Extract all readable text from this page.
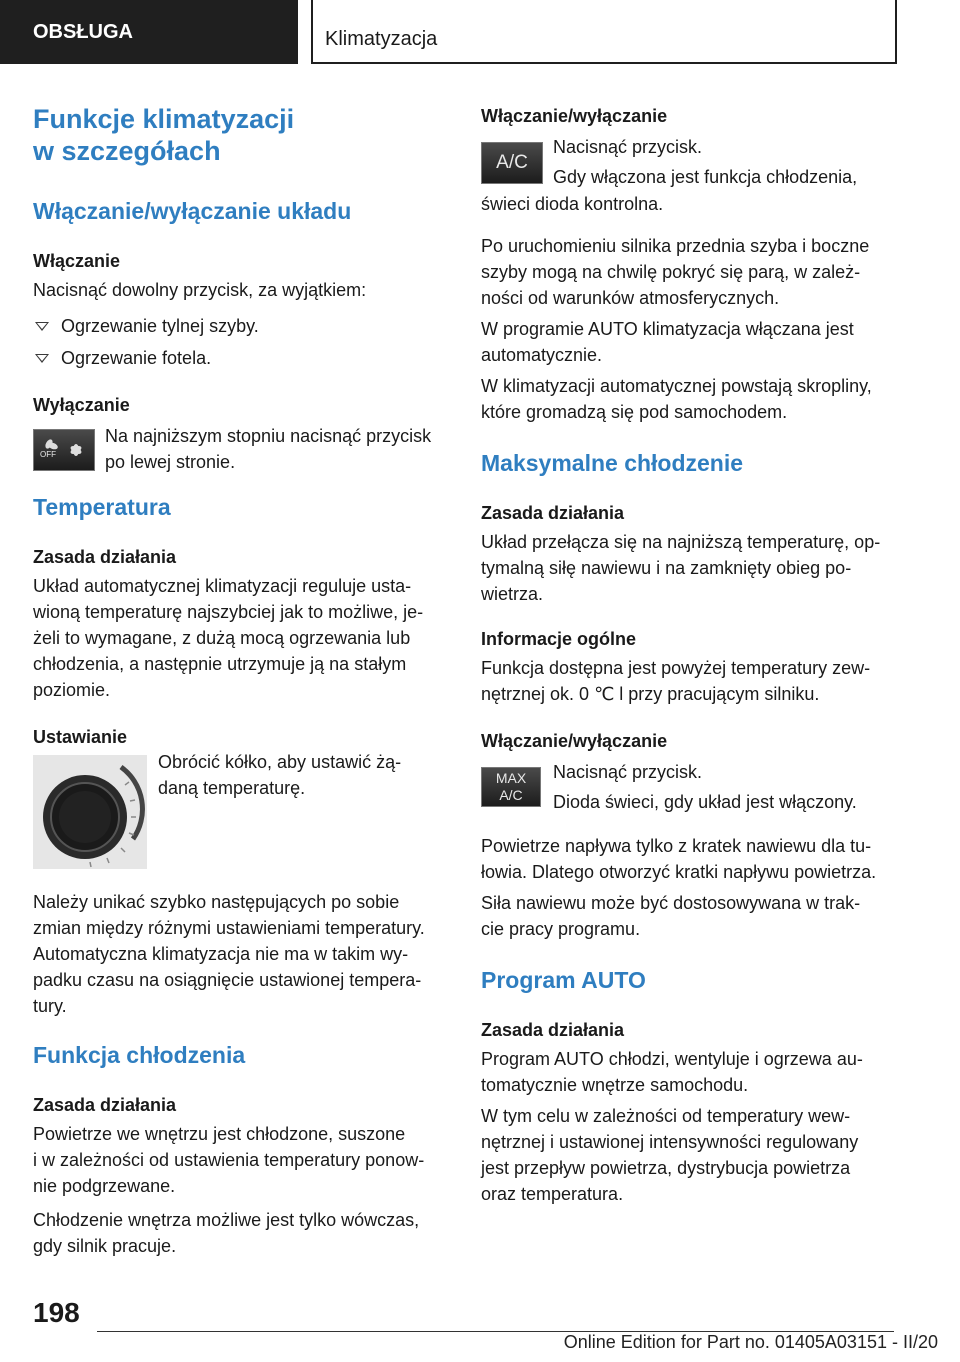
OBSŁUGA	Klimatyzacja
Funkcje klimatyzacji
w szczegółach
Włączanie/wyłączanie układu
Włączanie

Nacisnąć dowolny przycisk, za wyjątkiem:

Ogrzewanie tylnej szyby.
Ogrzewanie fotela.
Wyłączanie
OFF

Na najniższym stopniu nacisnąć przycisk

po lewej stronie.

Temperatura
Zasada działania

Układ automatycznej klimatyzacji reguluje usta-

wioną temperaturę najszybciej jak to możliwe, je-

żeli to wymagane, z dużą mocą ogrzewania lub

chłodzenia, a następnie utrzymuje ją na stałym

poziomie.

Ustawianie

Obrócić kółko, aby ustawić żą-

daną temperaturę.

Należy unikać szybko następujących po sobie

zmian między różnymi ustawieniami temperatury.

Automatyczna klimatyzacja nie ma w takim wy-

padku czasu na osiągnięcie ustawionej tempera-

tury.

Funkcja chłodzenia
Zasada działania

Powietrze we wnętrzu jest chłodzone, suszone

i w zależności od ustawienia temperatury ponow-

nie podgrzewane.

Chłodzenie wnętrza możliwe jest tylko wówczas,

gdy silnik pracuje.

Włączanie/wyłączanie
A/C

Nacisnąć przycisk.

Gdy włączona jest funkcja chłodzenia,

świeci dioda kontrolna.

Po uruchomieniu silnika przednia szyba i boczne

szyby mogą na chwilę pokryć się parą, w zależ-

ności od warunków atmosferycznych.

W programie AUTO klimatyzacja włączana jest

automatycznie.

W klimatyzacji automatycznej powstają skropliny,

które gromadzą się pod samochodem.

Maksymalne chłodzenie
Zasada działania

Układ przełącza się na najniższą temperaturę, op-

tymalną siłę nawiewu i na zamknięty obieg po-

wietrza.

Informacje ogólne

Funkcja dostępna jest powyżej temperatury zew-

nętrznej ok. 0 ℃ l przy pracującym silniku.

Włączanie/wyłączanie
MAX
A/C

Nacisnąć przycisk.

Dioda świeci, gdy układ jest włączony.

Powietrze napływa tylko z kratek nawiewu dla tu-

łowia. Dlatego otworzyć kratki napływu powietrza.

Siła nawiewu może być dostosowywana w trak-

cie pracy programu.

Program AUTO
Zasada działania

Program AUTO chłodzi, wentyluje i ogrzewa au-

tomatycznie wnętrze samochodu.

W tym celu w zależności od temperatury wew-

nętrznej i ustawionej intensywności regulowany

jest przepływ powietrza, dystrybucja powietrza

oraz temperatura.

198
Online Edition for Part no. 01405A03151 - II/20
